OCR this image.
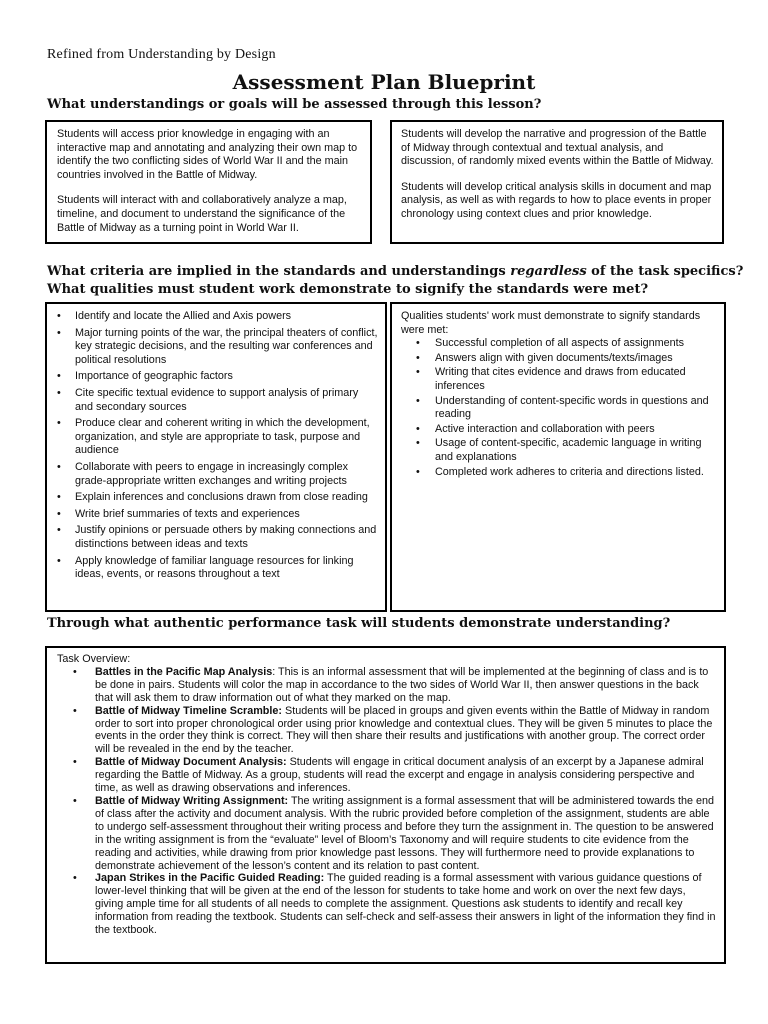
Refined from Understanding by Design
Assessment Plan Blueprint
What understandings or goals will be assessed through this lesson?

Students will access prior knowledge in engaging with an interactive map and annotating and analyzing their own map to identify the two conflicting sides of World War II and the main countries involved in the Battle of Midway.

Students will interact with and collaboratively analyze a map, timeline, and document to understand the significance of the Battle of Midway as a turning point in World War II.

Students will develop the narrative and progression of the Battle of Midway through contextual and textual analysis, and discussion, of randomly mixed events within the Battle of Midway.

Students will develop critical analysis skills in document and map analysis, as well as with regards to how to place events in proper chronology using context clues and prior knowledge.

What criteria are implied in the standards and understandings regardless of the task specifics?
What qualities must student work demonstrate to signify the standards were met?
• Identify and locate the Allied and Axis powers
• Major turning points of the war, the principal theaters of conflict, key strategic decisions, and the resulting war conferences and political resolutions
• Importance of geographic factors
• Cite specific textual evidence to support analysis of primary and secondary sources
• Produce clear and coherent writing in which the development, organization, and style are appropriate to task, purpose and audience
• Collaborate with peers to engage in increasingly complex grade-appropriate written exchanges and writing projects
• Explain inferences and conclusions drawn from close reading
• Write brief summaries of texts and experiences
• Justify opinions or persuade others by making connections and distinctions between ideas and texts
• Apply knowledge of familiar language resources for linking ideas, events, or reasons throughout a text
Qualities students' work must demonstrate to signify standards were met:
• Successful completion of all aspects of assignments
• Answers align with given documents/texts/images
• Writing that cites evidence and draws from educated inferences
• Understanding of content-specific words in questions and reading
• Active interaction and collaboration with peers
• Usage of content-specific, academic language in writing and explanations
• Completed work adheres to criteria and directions listed.
Through what authentic performance task will students demonstrate understanding?
Task Overview:
• Battles in the Pacific Map Analysis: This is an informal assessment that will be implemented at the beginning of class and is to be done in pairs. Students will color the map in accordance to the two sides of World War II, then answer questions in the back that will ask them to draw information out of what they marked on the map.
• Battle of Midway Timeline Scramble: Students will be placed in groups and given events within the Battle of Midway in random order to sort into proper chronological order using prior knowledge and contextual clues. They will be given 5 minutes to place the events in the order they think is correct. They will then share their results and justifications with another group. The correct order will be revealed in the end by the teacher.
• Battle of Midway Document Analysis: Students will engage in critical document analysis of an excerpt by a Japanese admiral regarding the Battle of Midway. As a group, students will read the excerpt and engage in analysis considering perspective and time, as well as drawing observations and inferences.
• Battle of Midway Writing Assignment: The writing assignment is a formal assessment that will be administered towards the end of class after the activity and document analysis. With the rubric provided before completion of the assignment, students are able to undergo self-assessment throughout their writing process and before they turn the assignment in. The question to be answered in the writing assignment is from the “evaluate” level of Bloom’s Taxonomy and will require students to cite evidence from the reading and activities, while drawing from prior knowledge past lessons. They will furthermore need to provide explanations to demonstrate achievement of the lesson’s content and its relation to past content.
• Japan Strikes in the Pacific Guided Reading: The guided reading is a formal assessment with various guidance questions of lower-level thinking that will be given at the end of the lesson for students to take home and work on over the next few days, giving ample time for all students of all needs to complete the assignment. Questions ask students to identify and recall key information from reading the textbook. Students can self-check and self-assess their answers in light of the information they find in the textbook.
